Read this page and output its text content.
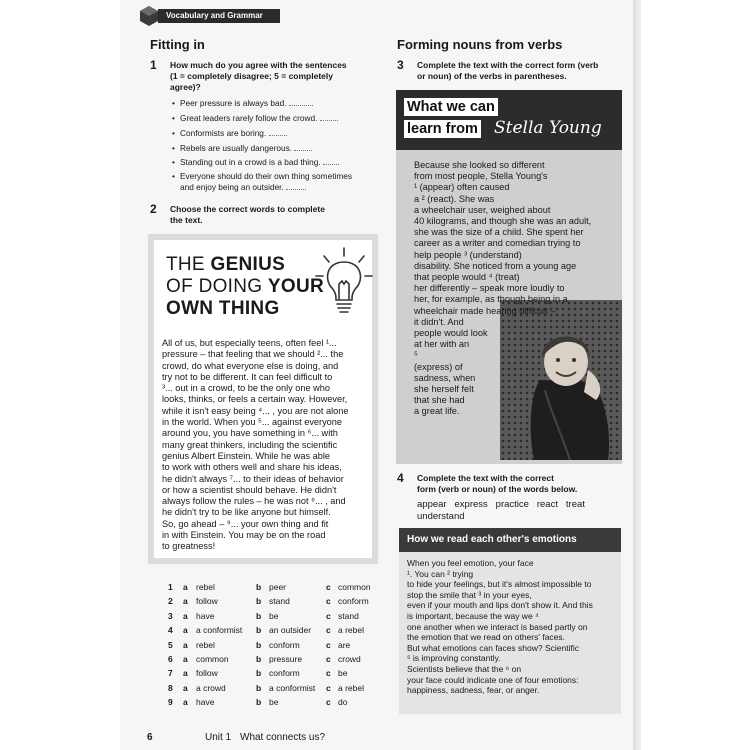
Vocabulary and Grammar
Fitting in
1 How much do you agree with the sentences
(1 = completely disagree; 5 = completely
agree)?
• Peer pressure is always bad.
• Great leaders rarely follow the crowd.
• Conformists are boring.
• Rebels are usually dangerous.
• Standing out in a crowd is a bad thing.
• Everyone should do their own thing sometimes
and enjoy being an outsider.
2 Choose the correct words to complete
the text.
THE GENIUS
OF DOING YOUR
OWN THING
All of us, but especially teens, often feel ¹...
pressure – that feeling that we should ²... the
crowd, do what everyone else is doing, and
try not to be different. It can feel difficult to
³... out in a crowd, to be the only one who
looks, thinks, or feels a certain way. However,
while it isn't easy being ⁴... , you are not alone
in the world. When you ⁵... against everyone
around you, you have something in ⁶... with
many great thinkers, including the scientific
genius Albert Einstein. While he was able
to work with others well and share his ideas,
he didn't always ⁷... to their ideas of behavior
or how a scientist should behave. He didn't
always follow the rules – he was not ⁸... , and
he didn't try to be like anyone but himself.
So, go ahead – ⁹... your own thing and fit
in with Einstein. You may be on the road
to greatness!
Forming nouns from verbs
3 Complete the text with the correct form (verb
or noun) of the verbs in parentheses.
What we can
learn from Stella Young
Because she looked so different
from most people, Stella Young's
¹ (appear) often caused
a ² (react). She was
a wheelchair user, weighed about
40 kilograms, and though she was an adult,
she was the size of a child. She spent her
career as a writer and comedian trying to
help people ³ (understand)
disability. She noticed from a young age
that people would ⁴ (treat)
her differently – speak more loudly to
her, for example, as though being in a
wheelchair made hearing difficult –
it didn't. And
people would look
at her with an
⁵
(express) of
sadness, when
she herself felt
that she had
a great life.
4 Complete the text with the correct
form (verb or noun) of the words below.
appear   express   practice   react   treat
understand
How we read each other's emotions
When you feel emotion, your face
¹. You can ² trying
to hide your feelings, but it's almost impossible to
stop the smile that ³ in your eyes,
even if your mouth and lips don't show it. And this
is important, because the way we ⁴
one another when we interact is based partly on
the emotion that we read on others' faces.
But what emotions can faces show? Scientific
⁵ is improving constantly.
Scientists believe that the ⁶ on
your face could indicate one of four emotions:
happiness, sadness, fear, or anger.
6	Unit 1 What connects us?
1 a rebel	b peer	c common
2 a follow	b stand	c conform
3 a have	b be	c stand
4 a a conformist b an outsider c a rebel
5 a rebel	b conform	c are
6 a common	b pressure	c crowd
7 a follow	b conform	c be
8 a a crowd	b a conformist c a rebel
9 a have	b be	c do
